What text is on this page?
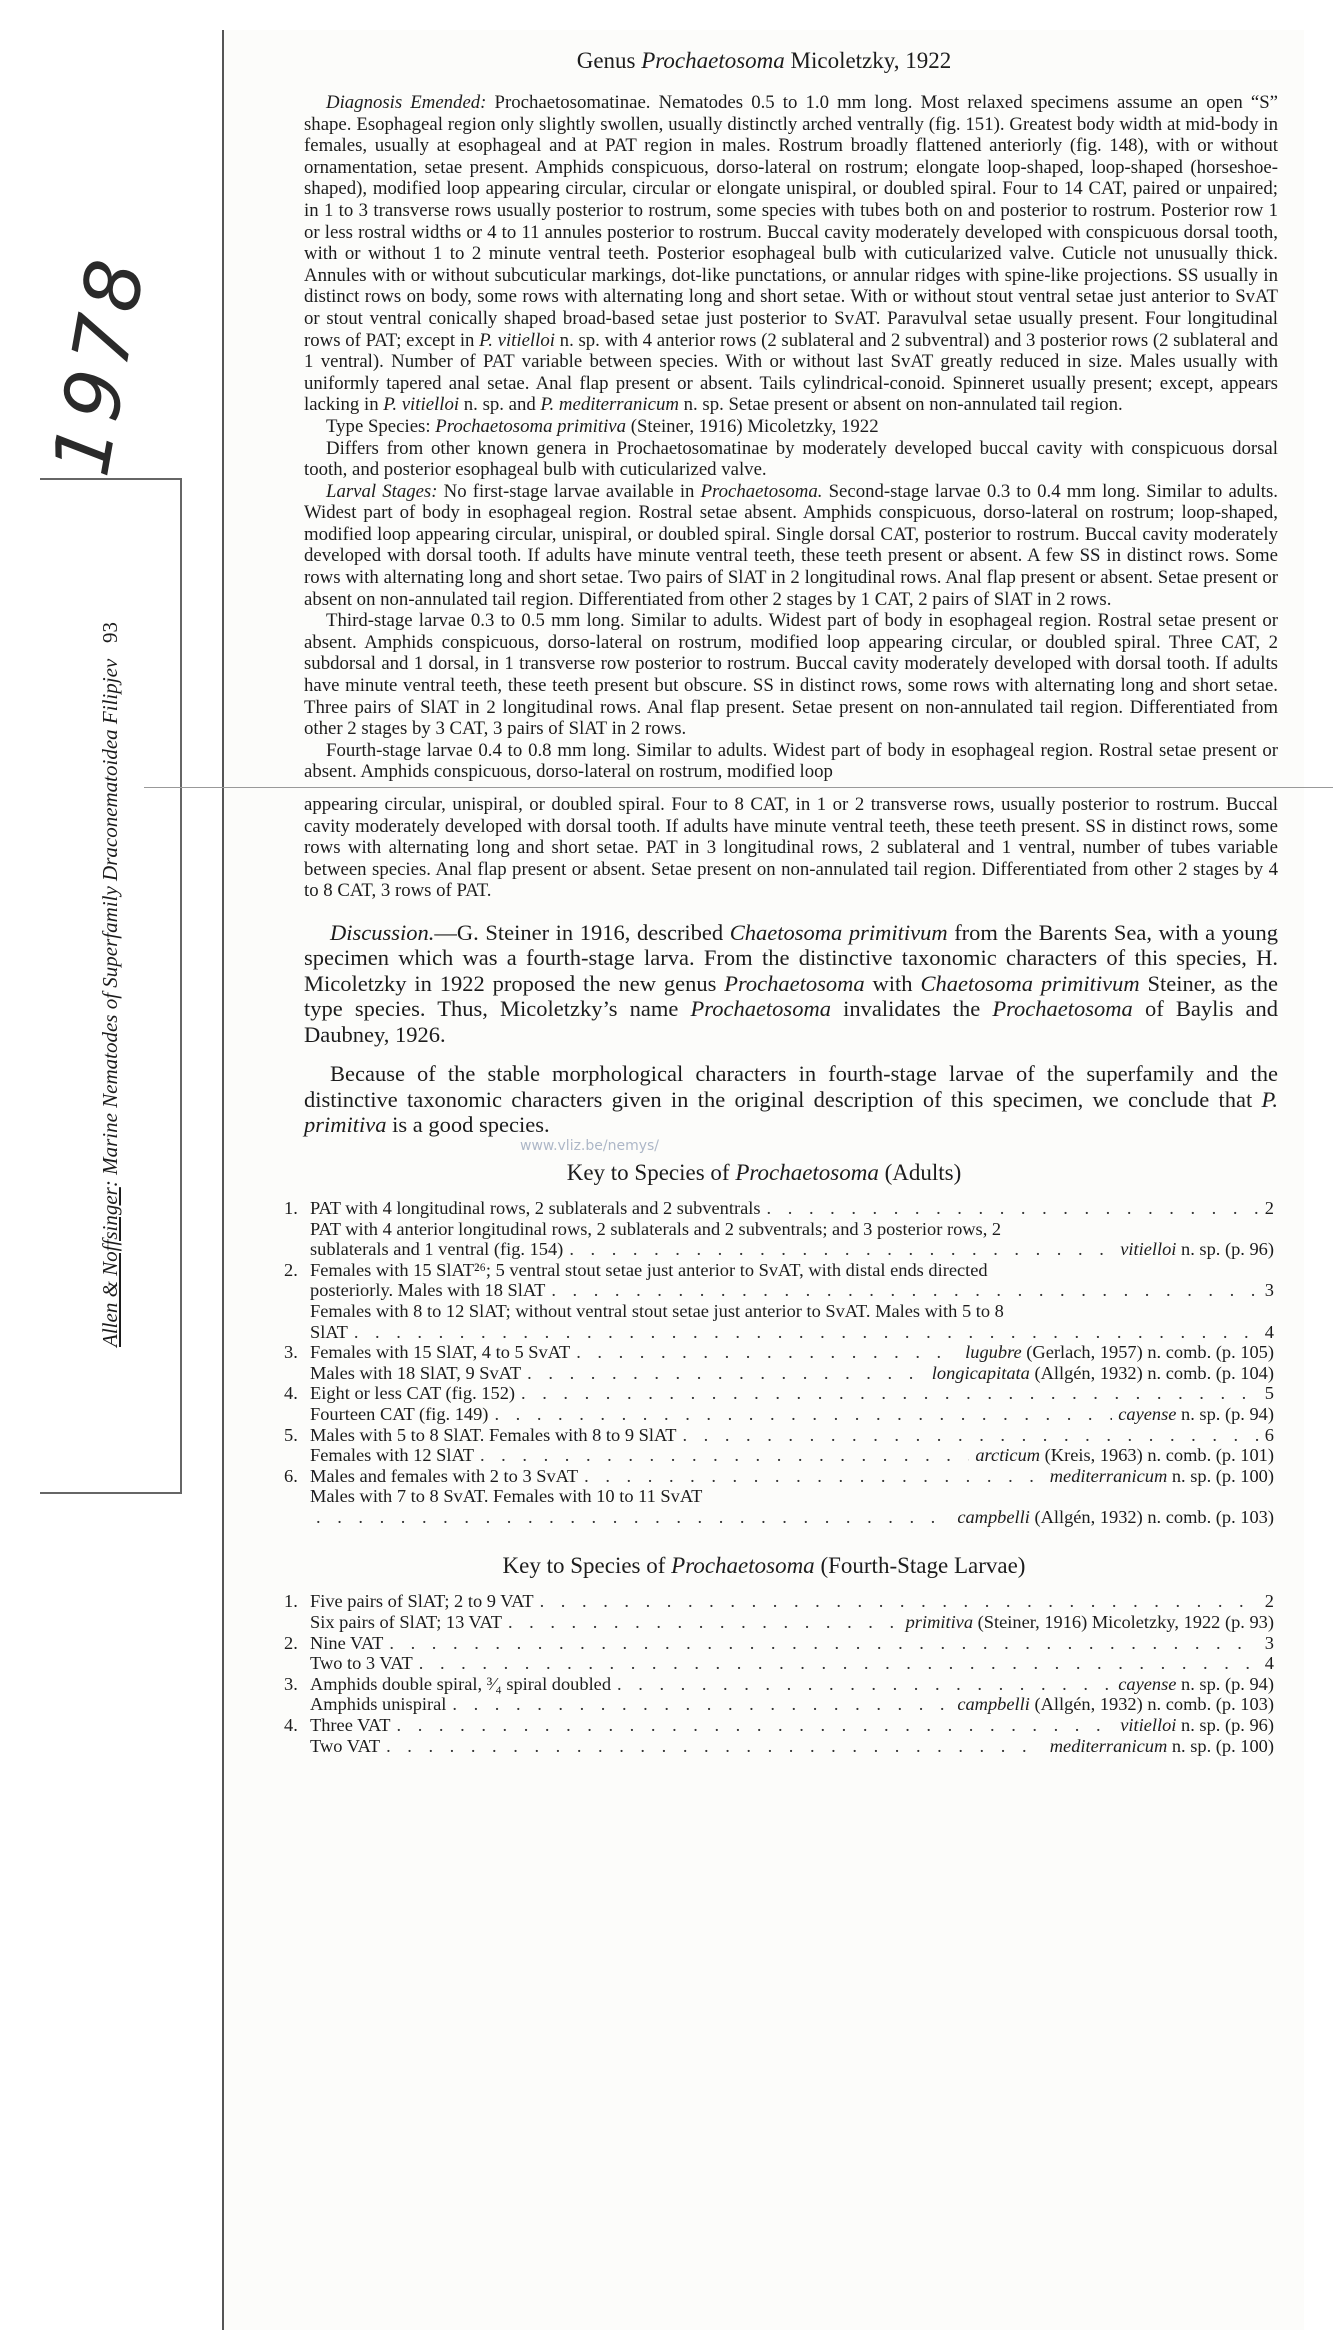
1978
Allen & Noffsinger: Marine Nematodes of Superfamily Draconematoidea Filipjev   93
Genus Prochaetosoma Micoletzky, 1922

Diagnosis Emended: Prochaetosomatinae. Nematodes 0.5 to 1.0 mm long. Most relaxed specimens assume an open “S” shape. Esophageal region only slightly swollen, usually distinctly arched ventrally (fig. 151). Greatest body width at mid-body in females, usually at esophageal and at PAT region in males. Rostrum broadly flattened anteriorly (fig. 148), with or without ornamentation, setae present. Amphids conspicuous, dorso-lateral on rostrum; elongate loop-shaped, loop-shaped (horseshoe-shaped), modified loop appearing circular, circular or elongate unispiral, or doubled spiral. Four to 14 CAT, paired or unpaired; in 1 to 3 transverse rows usually posterior to rostrum, some species with tubes both on and posterior to rostrum. Posterior row 1 or less rostral widths or 4 to 11 annules posterior to rostrum. Buccal cavity moderately developed with conspicuous dorsal tooth, with or without 1 to 2 minute ventral teeth. Posterior esophageal bulb with cuticularized valve. Cuticle not unusually thick. Annules with or without subcuticular markings, dot-like punctations, or annular ridges with spine-like projections. SS usually in distinct rows on body, some rows with alternating long and short setae. With or without stout ventral setae just anterior to SvAT or stout ventral conically shaped broad-based setae just posterior to SvAT. Paravulval setae usually present. Four longitudinal rows of PAT; except in P. vitielloi n. sp. with 4 anterior rows (2 sublateral and 2 subventral) and 3 posterior rows (2 sublateral and 1 ventral). Number of PAT variable between species. With or without last SvAT greatly reduced in size. Males usually with uniformly tapered anal setae. Anal flap present or absent. Tails cylindrical-conoid. Spinneret usually present; except, appears lacking in P. vitielloi n. sp. and P. mediterranicum n. sp. Setae present or absent on non-annulated tail region.

Type Species: Prochaetosoma primitiva (Steiner, 1916) Micoletzky, 1922

Differs from other known genera in Prochaetosomatinae by moderately developed buccal cavity with conspicuous dorsal tooth, and posterior esophageal bulb with cuticularized valve.

Larval Stages: No first-stage larvae available in Prochaetosoma. Second-stage larvae 0.3 to 0.4 mm long. Similar to adults. Widest part of body in esophageal region. Rostral setae absent. Amphids conspicuous, dorso-lateral on rostrum; loop-shaped, modified loop appearing circular, unispiral, or doubled spiral. Single dorsal CAT, posterior to rostrum. Buccal cavity moderately developed with dorsal tooth. If adults have minute ventral teeth, these teeth present or absent. A few SS in distinct rows. Some rows with alternating long and short setae. Two pairs of SlAT in 2 longitudinal rows. Anal flap present or absent. Setae present or absent on non-annulated tail region. Differentiated from other 2 stages by 1 CAT, 2 pairs of SlAT in 2 rows.

Third-stage larvae 0.3 to 0.5 mm long. Similar to adults. Widest part of body in esophageal region. Rostral setae present or absent. Amphids conspicuous, dorso-lateral on rostrum, modified loop appearing circular, or doubled spiral. Three CAT, 2 subdorsal and 1 dorsal, in 1 transverse row posterior to rostrum. Buccal cavity moderately developed with dorsal tooth. If adults have minute ventral teeth, these teeth present but obscure. SS in distinct rows, some rows with alternating long and short setae. Three pairs of SlAT in 2 longitudinal rows. Anal flap present. Setae present on non-annulated tail region. Differentiated from other 2 stages by 3 CAT, 3 pairs of SlAT in 2 rows.

Fourth-stage larvae 0.4 to 0.8 mm long. Similar to adults. Widest part of body in esophageal region. Rostral setae present or absent. Amphids conspicuous, dorso-lateral on rostrum, modified loop

appearing circular, unispiral, or doubled spiral. Four to 8 CAT, in 1 or 2 transverse rows, usually posterior to rostrum. Buccal cavity moderately developed with dorsal tooth. If adults have minute ventral teeth, these teeth present. SS in distinct rows, some rows with alternating long and short setae. PAT in 3 longitudinal rows, 2 sublateral and 1 ventral, number of tubes variable between species. Anal flap present or absent. Setae present on non-annulated tail region. Differentiated from other 2 stages by 4 to 8 CAT, 3 rows of PAT.

Discussion.—G. Steiner in 1916, described Chaetosoma primitivum from the Barents Sea, with a young specimen which was a fourth-stage larva. From the distinctive taxonomic characters of this species, H. Micoletzky in 1922 proposed the new genus Prochaetosoma with Chaetosoma primitivum Steiner, as the type species. Thus, Micoletzky’s name Prochaetosoma invalidates the Prochaetosoma of Baylis and Daubney, 1926.

Because of the stable morphological characters in fourth-stage larvae of the superfamily and the distinctive taxonomic characters given in the original description of this specimen, we conclude that P. primitiva is a good species.

Key to Species of Prochaetosoma (Adults)
1. PAT with 4 longitudinal rows, 2 sublaterals and 2 subventrals . . .	2
PAT with 4 anterior longitudinal rows, 2 sublaterals and 2 subventrals; and 3 posterior rows, 2
sublaterals and 1 ventral (fig. 154) . . .	vitielloi n. sp. (p. 96)
2. Females with 15 SlAT²⁶; 5 ventral stout setae just anterior to SvAT, with distal ends directed
posteriorly. Males with 18 SlAT . . .	3
Females with 8 to 12 SlAT; without ventral stout setae just anterior to SvAT. Males with 5 to 8
SlAT . . .	4
3. Females with 15 SlAT, 4 to 5 SvAT . . .	lugubre (Gerlach, 1957) n. comb. (p. 105)
Males with 18 SlAT, 9 SvAT . . .	longicapitata (Allgén, 1932) n. comb. (p. 104)
4. Eight or less CAT (fig. 152) . . .	5
Fourteen CAT (fig. 149) . . .	cayense n. sp. (p. 94)
5. Males with 5 to 8 SlAT. Females with 8 to 9 SlAT . . .	6
Females with 12 SlAT . . .	arcticum (Kreis, 1963) n. comb. (p. 101)
6. Males and females with 2 to 3 SvAT . . .	mediterranicum n. sp. (p. 100)
Males with 7 to 8 SvAT. Females with 10 to 11 SvAT
. . .
campbelli (Allgén, 1932) n. comb. (p. 103)
Key to Species of Prochaetosoma (Fourth-Stage Larvae)
1. Five pairs of SlAT; 2 to 9 VAT . . .	2
Six pairs of SlAT; 13 VAT . . .	primitiva (Steiner, 1916) Micoletzky, 1922 (p. 93)
2. Nine VAT . . .	3
Two to 3 VAT . . .	4
3. Amphids double spiral, ³⁄₄ spiral doubled . . .	cayense n. sp. (p. 94)
Amphids unispiral . . .	campbelli (Allgén, 1932) n. comb. (p. 103)
4. Three VAT . . .	vitielloi n. sp. (p. 96)
Two VAT . . .	mediterranicum n. sp. (p. 100)
www.vliz.be/nemys/
